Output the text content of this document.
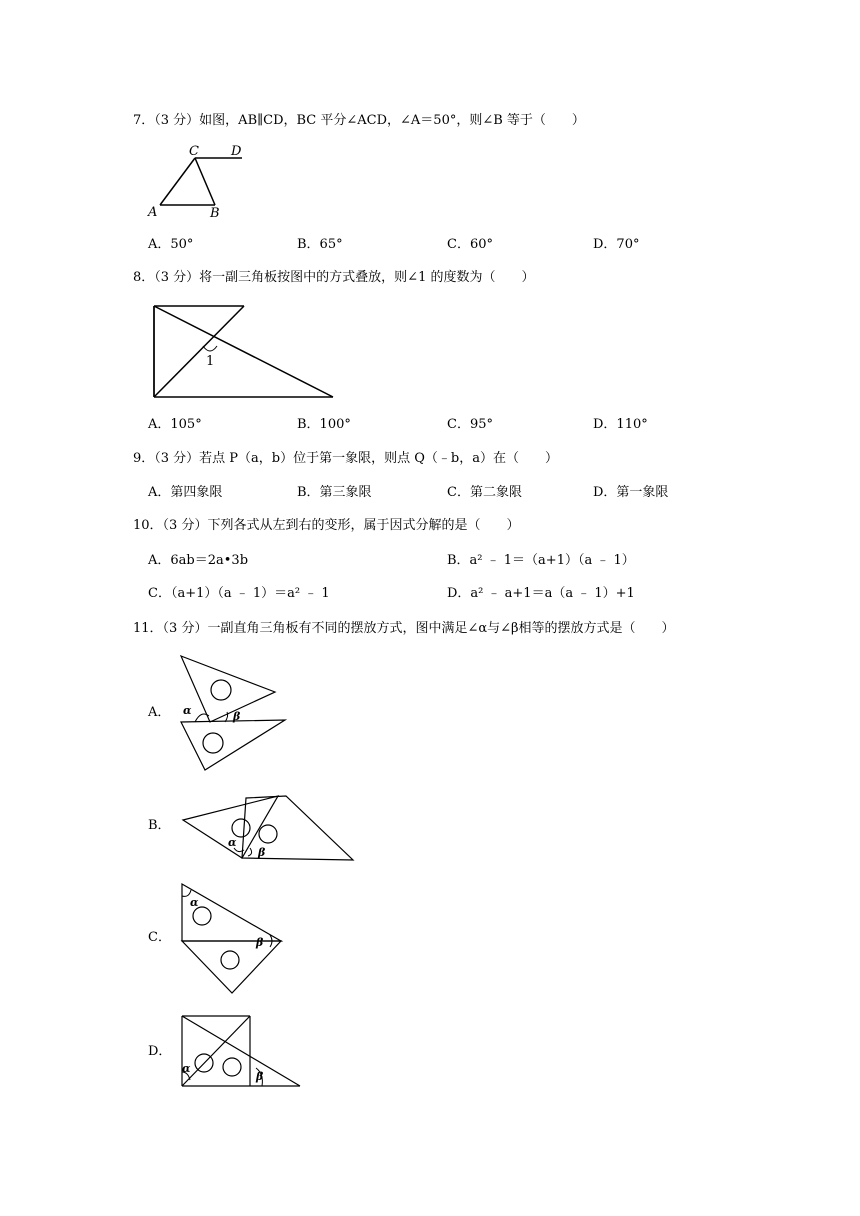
7．（3 分）如图，AB∥CD，BC 平分∠ACD，∠A＝50°，则∠B 等于（　　）
C D
A	B
A．50°	B．65°	C．60°	D．70°
8．（3 分）将一副三角板按图中的方式叠放，则∠1 的度数为（　　）
1
A．105°	B．100°	C．95°	D．110°
9．（3 分）若点 P（a，b）位于第一象限，则点 Q（﹣b，a）在（　　）
A．第四象限	B．第三象限	C．第二象限	D．第一象限
10．（3 分）下列各式从左到右的变形，属于因式分解的是（　　）
A．6ab＝2a•3b	B．a² ﹣ 1＝（a+1）（a ﹣ 1）
C．（a+1）（a ﹣ 1）＝a² ﹣ 1	D．a² ﹣ a+1＝a（a ﹣ 1）+1
11．（3 分）一副直角三角板有不同的摆放方式，图中满足∠α与∠β相等的摆放方式是（　　）
A． α	β
B．
α
β
C．
α
β
D．
α
β
